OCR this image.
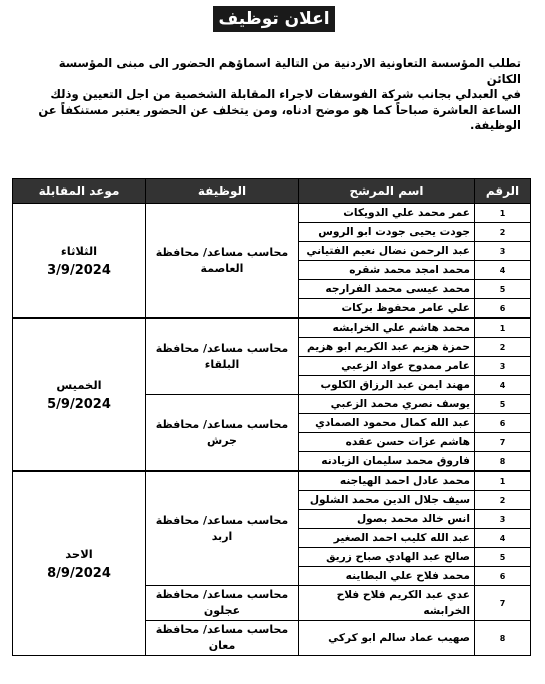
اعلان توظيف

تطلب المؤسسة التعاونية الاردنية من التالية اسماؤهم الحضور الى مبنى المؤسسة الكائن

في العبدلي بجانب شركة الفوسفات لاجراء المقابلة الشخصية من اجل التعيين وذلك

الساعة العاشرة صباحاً كما هو موضح ادناه، ومن يتخلف عن الحضور يعتبر مستنكفاً عن

الوظيفة.

الرقم	اسم المرشح	الوظيفة	موعد المقابلة
1	عمر محمد علي الدويكات	محاسب مساعد/ محافظة العاصمة	الثلاثاء
3/9/2024

2	جودت يحيى جودت ابو الروس		
3	عبد الرحمن نضال نعيم الفتياني		
4	محمد امجد محمد شقره		
5	محمد عيسى محمد الفرارجه		
6	علي عامر محفوظ بركات		
1	محمد هاشم علي الخرابشه	محاسب مساعد/ محافظة البلقاء	الخميس
5/9/2024

2	حمزة هزيم عبد الكريم ابو هزيم		
3	عامر ممدوح عواد الزعبي		
4	مهند ايمن عبد الرزاق الكلوب		
5	يوسف نصري محمد الزعبي	محاسب مساعد/ محافظة جرش	
6	عبد الله كمال محمود الصمادي		
7	هاشم عزات حسن عقده		
8	فاروق محمد سليمان الزيادنه		
1	محمد عادل احمد الهياجنه	محاسب مساعد/ محافظة اربد	الاحد
8/9/2024

2	سيف جلال الدين محمد الشلول		
3	انس خالد محمد بصول		
4	عبد الله كليب احمد الصغير		
5	صالح عبد الهادي صباح زريق		
6	محمد فلاح علي البطاينه		
7	عدي عبد الكريم فلاح فلاح الخرابشه	محاسب مساعد/ محافظة عجلون	
8	صهيب عماد سالم ابو كركي	محاسب مساعد/ محافظة معان	
